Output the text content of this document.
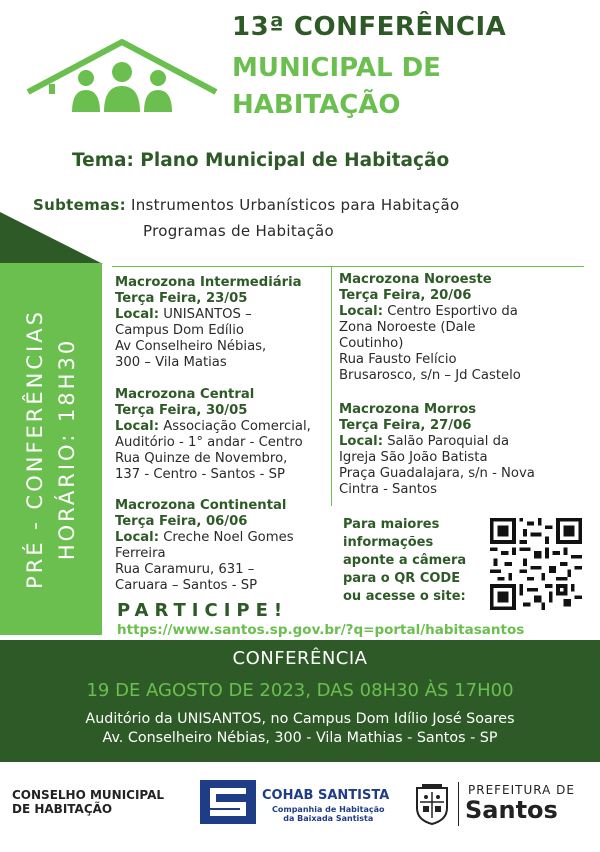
13ª CONFERÊNCIA
MUNICIPAL DE
HABITAÇÃO
Tema: Plano Municipal de Habitação
Subtemas: Instrumentos Urbanísticos para Habitação
Programas de Habitação
PRÉ - CONFERÊNCIAS HORÁRIO: 18H30
Macrozona Intermediária
Terça Feira, 23/05
Local: UNISANTOS –
Campus Dom Edílio
Av Conselheiro Nébias,
300 – Vila Matias
Macrozona Central
Terça Feira, 30/05
Local: Associação Comercial,
Auditório - 1° andar - Centro
Rua Quinze de Novembro,
137 - Centro - Santos - SP
Macrozona Continental
Terça Feira, 06/06
Local: Creche Noel Gomes
Ferreira
Rua Caramuru, 631 –
Caruara – Santos - SP
Macrozona Noroeste
Terça Feira, 20/06
Local: Centro Esportivo da
Zona Noroeste (Dale
Coutinho)
Rua Fausto Felício
Brusarosco, s/n – Jd Castelo
Macrozona Morros
Terça Feira, 27/06
Local: Salão Paroquial da
Igreja São João Batista
Praça Guadalajara, s/n - Nova
Cintra - Santos
Para maiores
informações
aponte a câmera
para o QR CODE
ou acesse o site:
PARTICIPE!
https://www.santos.sp.gov.br/?q=portal/habitasantos
CONFERÊNCIA
19 DE AGOSTO DE 2023, DAS 08H30 ÀS 17H00
Auditório da UNISANTOS, no Campus Dom Idílio José Soares
Av. Conselheiro Nébias, 300 - Vila Mathias - Santos - SP
CONSELHO MUNICIPAL
DE HABITAÇÃO
COHAB SANTISTA
Companhia de Habitação
da Baixada Santista
PREFEITURA DE
Santos
